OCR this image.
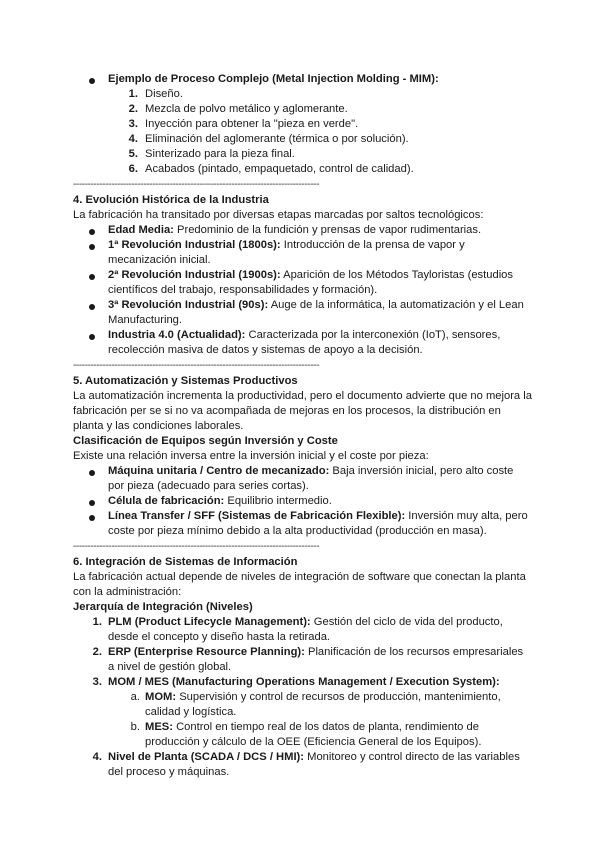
Ejemplo de Proceso Complejo (Metal Injection Molding - MIM):
1. Diseño.
2. Mezcla de polvo metálico y aglomerante.
3. Inyección para obtener la "pieza en verde".
4. Eliminación del aglomerante (térmica o por solución).
5. Sinterizado para la pieza final.
6. Acabados (pintado, empaquetado, control de calidad).
------------------------------------------------------------------------------------
4. Evolución Histórica de la Industria
La fabricación ha transitado por diversas etapas marcadas por saltos tecnológicos:
Edad Media: Predominio de la fundición y prensas de vapor rudimentarias.
1ª Revolución Industrial (1800s): Introducción de la prensa de vapor y
mecanización inicial.
2ª Revolución Industrial (1900s): Aparición de los Métodos Tayloristas (estudios
científicos del trabajo, responsabilidades y formación).
3ª Revolución Industrial (90s): Auge de la informática, la automatización y el Lean
Manufacturing.
Industria 4.0 (Actualidad): Caracterizada por la interconexión (IoT), sensores,
recolección masiva de datos y sistemas de apoyo a la decisión.
------------------------------------------------------------------------------------
5. Automatización y Sistemas Productivos
La automatización incrementa la productividad, pero el documento advierte que no mejora la
fabricación per se si no va acompañada de mejoras en los procesos, la distribución en
planta y las condiciones laborales.
Clasificación de Equipos según Inversión y Coste
Existe una relación inversa entre la inversión inicial y el coste por pieza:
Máquina unitaria / Centro de mecanizado: Baja inversión inicial, pero alto coste
por pieza (adecuado para series cortas).
Célula de fabricación: Equilibrio intermedio.
Línea Transfer / SFF (Sistemas de Fabricación Flexible): Inversión muy alta, pero
coste por pieza mínimo debido a la alta productividad (producción en masa).
------------------------------------------------------------------------------------
6. Integración de Sistemas de Información
La fabricación actual depende de niveles de integración de software que conectan la planta
con la administración:
Jerarquía de Integración (Niveles)
1. PLM (Product Lifecycle Management): Gestión del ciclo de vida del producto,
desde el concepto y diseño hasta la retirada.
2. ERP (Enterprise Resource Planning): Planificación de los recursos empresariales
a nivel de gestión global.
3. MOM / MES (Manufacturing Operations Management / Execution System):
a. MOM: Supervisión y control de recursos de producción, mantenimiento,
calidad y logística.
b. MES: Control en tiempo real de los datos de planta, rendimiento de
producción y cálculo de la OEE (Eficiencia General de los Equipos).
4. Nivel de Planta (SCADA / DCS / HMI): Monitoreo y control directo de las variables
del proceso y máquinas.
